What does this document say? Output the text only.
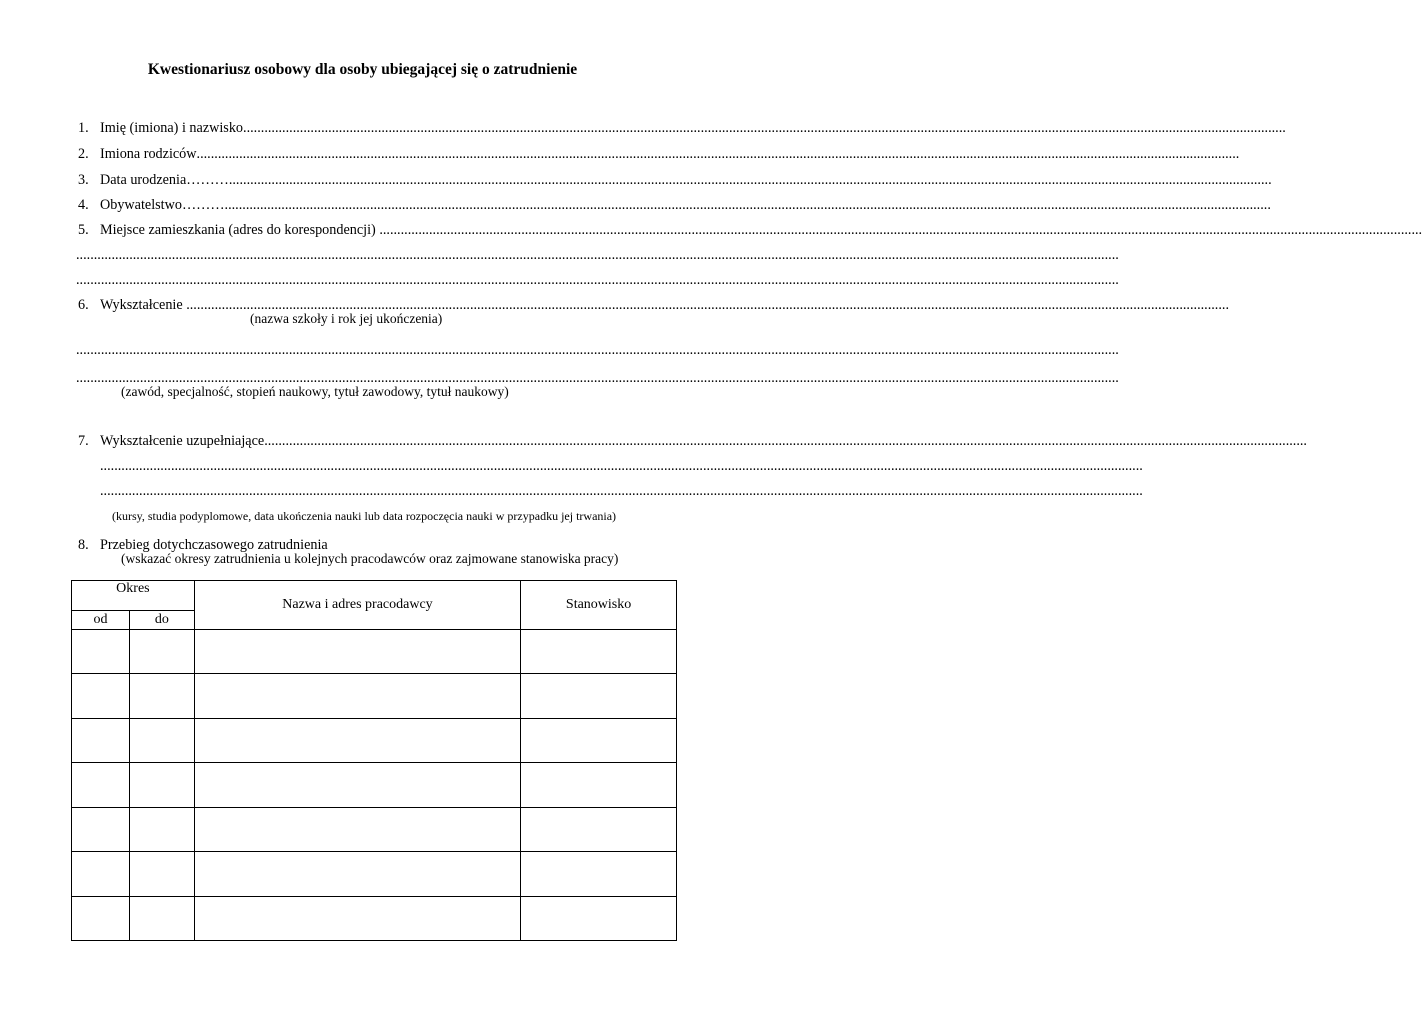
Kwestionariusz osobowy dla osoby ubiegającej się o zatrudnienie
1. Imię (imiona) i nazwisko......................................................................................................................................................................................................................................................................................................
2. Imiona rodziców......................................................................................................................................................................................................................................................................................................
3. Data urodzenia………......................................................................................................................................................................................................................................................................................................
4. Obywatelstwo……….......................................................................................................................................................................................................................................................................................................
5. Miejsce zamieszkania (adres do korespondencji) ......................................................................................................................................................................................................................................................................................................
......................................................................................................................................................................................................................................................................................................
......................................................................................................................................................................................................................................................................................................
6. Wykształcenie ......................................................................................................................................................................................................................................................................................................
(nazwa szkoły i rok jej ukończenia)
......................................................................................................................................................................................................................................................................................................
......................................................................................................................................................................................................................................................................................................
(zawód, specjalność, stopień naukowy, tytuł zawodowy, tytuł naukowy)
7. Wykształcenie uzupełniające......................................................................................................................................................................................................................................................................................................
......................................................................................................................................................................................................................................................................................................
......................................................................................................................................................................................................................................................................................................
(kursy, studia podyplomowe, data ukończenia nauki lub data rozpoczęcia nauki w przypadku jej trwania)
8. Przebieg dotychczasowego zatrudnienia
(wskazać okresy zatrudnienia u kolejnych pracodawców oraz zajmowane stanowiska pracy)
Okres		Nazwa i adres pracodawcy	Stanowisko
od	do		
